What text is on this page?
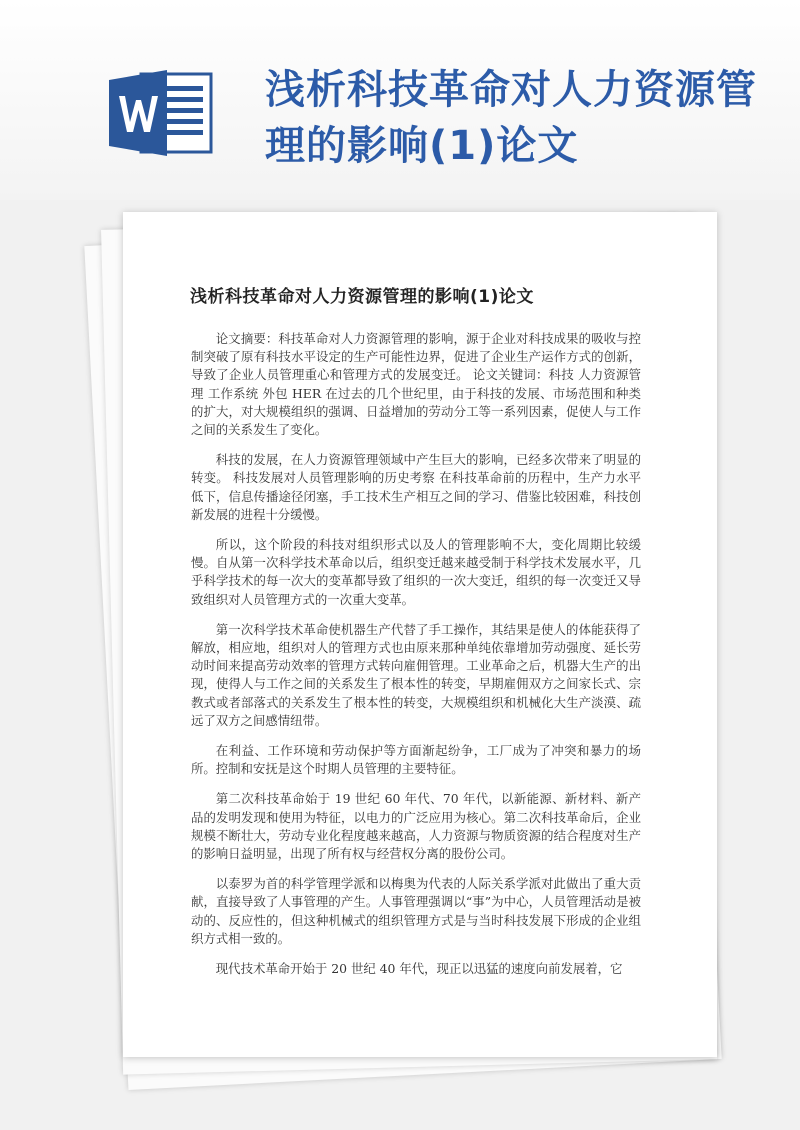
浅析科技革命对人力资源管理的影响(1)论文
浅析科技革命对人力资源管理的影响(1)论文

论文摘要：科技革命对人力资源管理的影响，源于企业对科技成果的吸收与控制突破了原有科技水平设定的生产可能性边界，促进了企业生产运作方式的创新，导致了企业人员管理重心和管理方式的发展变迁。 论文关键词：科技 人力资源管理 工作系统 外包 HER 在过去的几个世纪里，由于科技的发展、市场范围和种类的扩大，对大规模组织的强调、日益增加的劳动分工等一系列因素，促使人与工作之间的关系发生了变化。

科技的发展，在人力资源管理领域中产生巨大的影响，已经多次带来了明显的转变。 科技发展对人员管理影响的历史考察 在科技革命前的历程中，生产力水平低下，信息传播途径闭塞，手工技术生产相互之间的学习、借鉴比较困难，科技创新发展的进程十分缓慢。

所以，这个阶段的科技对组织形式以及人的管理影响不大，变化周期比较缓慢。自从第一次科学技术革命以后，组织变迁越来越受制于科学技术发展水平，几乎科学技术的每一次大的变革都导致了组织的一次大变迁，组织的每一次变迁又导致组织对人员管理方式的一次重大变革。

第一次科学技术革命使机器生产代替了手工操作，其结果是使人的体能获得了解放，相应地，组织对人的管理方式也由原来那种单纯依靠增加劳动强度、延长劳动时间来提高劳动效率的管理方式转向雇佣管理。工业革命之后，机器大生产的出现，使得人与工作之间的关系发生了根本性的转变，早期雇佣双方之间家长式、宗教式或者部落式的关系发生了根本性的转变，大规模组织和机械化大生产淡漠、疏远了双方之间感情纽带。

在利益、工作环境和劳动保护等方面渐起纷争，工厂成为了冲突和暴力的场所。控制和安抚是这个时期人员管理的主要特征。

第二次科技革命始于 19 世纪 60 年代、70 年代，以新能源、新材料、新产品的发明发现和使用为特征，以电力的广泛应用为核心。第二次科技革命后，企业规模不断壮大，劳动专业化程度越来越高，人力资源与物质资源的结合程度对生产的影响日益明显，出现了所有权与经营权分离的股份公司。

以泰罗为首的科学管理学派和以梅奥为代表的人际关系学派对此做出了重大贡献，直接导致了人事管理的产生。人事管理强调以“事”为中心，人员管理活动是被动的、反应性的，但这种机械式的组织管理方式是与当时科技发展下形成的企业组织方式相一致的。

现代技术革命开始于 20 世纪 40 年代，现正以迅猛的速度向前发展着，它
